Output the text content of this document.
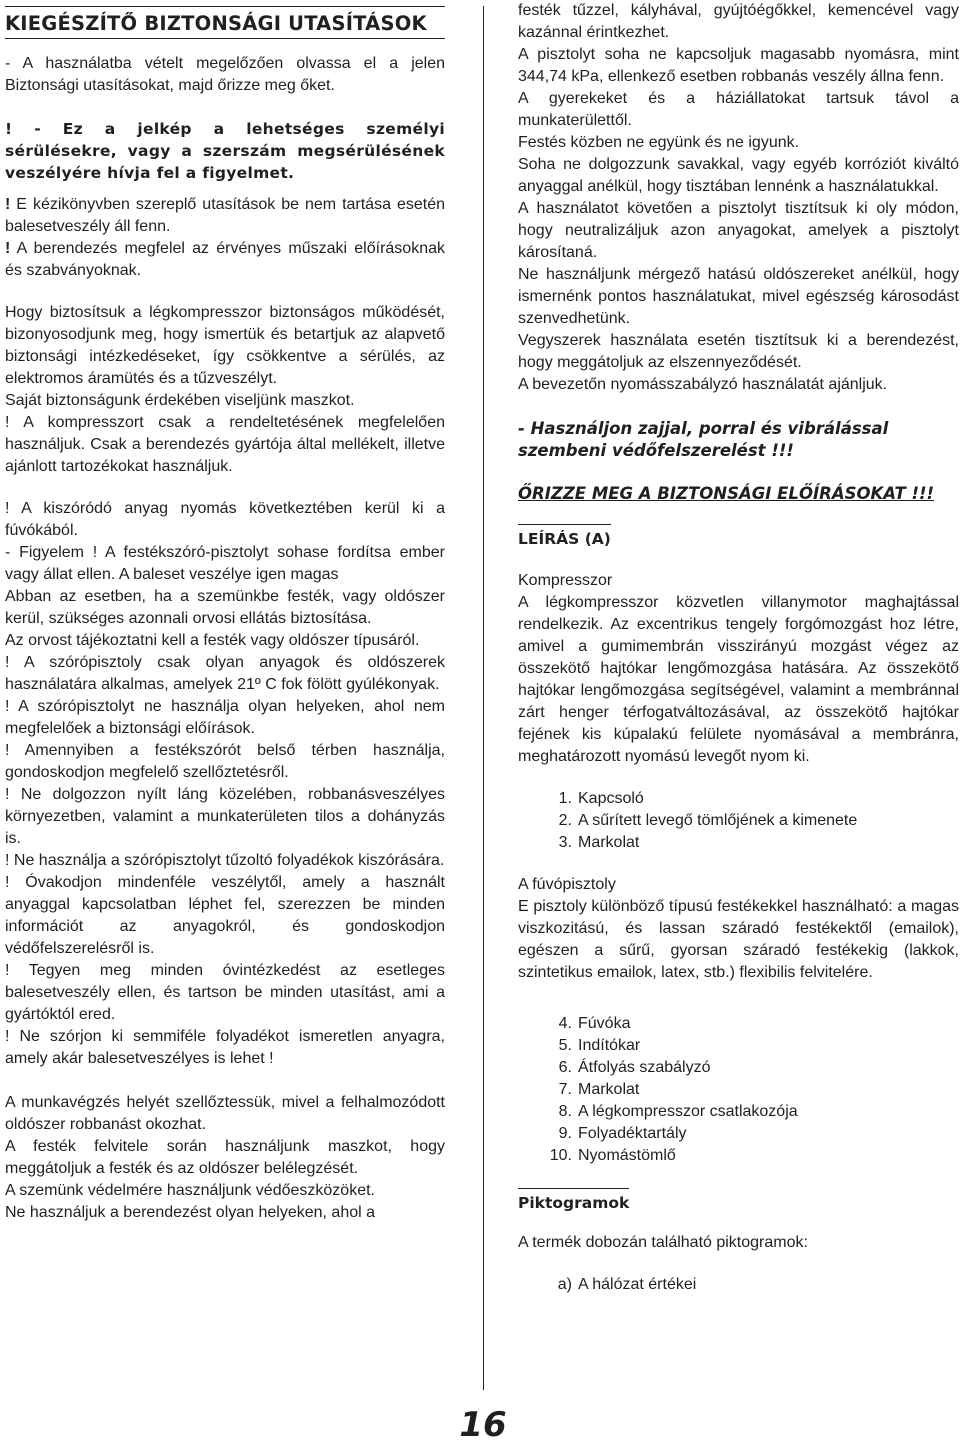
KIEGÉSZÍTŐ BIZTONSÁGI UTASÍTÁSOK

- A használatba vételt megelőzően olvassa el a jelen Biztonsági utasításokat, majd őrizze meg őket.

! - Ez a jelkép a lehetséges személyi sérülésekre, vagy a szerszám megsérülésének veszélyére hívja fel a figyelmet.

! E kézikönyvben szereplő utasítások be nem tartása esetén balesetveszély áll fenn.

! A berendezés megfelel az érvényes műszaki előírásoknak és szabványoknak.

Hogy biztosítsuk a légkompresszor biztonságos működését, bizonyosodjunk meg, hogy ismertük és betartjuk az alapvető biztonsági intézkedéseket, így csökkentve a sérülés, az elektromos áramütés és a tűzveszélyt.

Saját biztonságunk érdekében viseljünk maszkot.

! A kompresszort csak a rendeltetésének megfelelően használjuk. Csak a berendezés gyártója által mellékelt, illetve ajánlott tartozékokat használjuk.

! A kiszóródó anyag nyomás következtében kerül ki a fúvókából.

- Figyelem ! A festékszóró-pisztolyt sohase fordítsa ember vagy állat ellen. A baleset veszélye igen magas

Abban az esetben, ha a szemünkbe festék, vagy oldószer kerül, szükséges azonnali orvosi ellátás biztosítása.

Az orvost tájékoztatni kell a festék vagy oldószer típusáról.

! A szórópisztoly csak olyan anyagok és oldószerek használatára alkalmas, amelyek 21º C fok fölött gyúlékonyak.

! A szórópisztolyt ne használja olyan helyeken, ahol nem megfelelőek a biztonsági előírások.

! Amennyiben a festékszórót belső térben használja, gondoskodjon megfelelő szellőztetésről.

! Ne dolgozzon nyílt láng közelében, robbanásveszélyes környezetben, valamint a munkaterületen tilos a dohányzás is.

! Ne használja a szórópisztolyt tűzoltó folyadékok kiszórására.

! Óvakodjon mindenféle veszélytől, amely a használt anyaggal kapcsolatban léphet fel, szerezzen be minden információt az anyagokról, és gondoskodjon védőfelszerelésről is.

! Tegyen meg minden óvintézkedést az esetleges balesetveszély ellen, és tartson be minden utasítást, ami a gyártóktól ered.

! Ne szórjon ki semmiféle folyadékot ismeretlen anyagra, amely akár balesetveszélyes is lehet !

A munkavégzés helyét szellőztessük, mivel a felhalmozódott oldószer robbanást okozhat.

A festék felvitele során használjunk maszkot, hogy meggátoljuk a festék és az oldószer belélegzését.

A szemünk védelmére használjunk védőeszközöket.

Ne használjuk a berendezést olyan helyeken, ahol a

festék tűzzel, kályhával, gyújtóégőkkel, kemencével vagy kazánnal érintkezhet.

A pisztolyt soha ne kapcsoljuk magasabb nyomásra, mint 344,74 kPa, ellenkező esetben robbanás veszély állna fenn.

A gyerekeket és a háziállatokat tartsuk távol a munkaterülettől.

Festés közben ne együnk és ne igyunk.

Soha ne dolgozzunk savakkal, vagy egyéb korróziót kiváltó anyaggal anélkül, hogy tisztában lennénk a használatukkal.

A használatot követően a pisztolyt tisztítsuk ki oly módon, hogy neutralizáljuk azon anyagokat, amelyek a pisztolyt károsítaná.

Ne használjunk mérgező hatású oldószereket anélkül, hogy ismernénk pontos használatukat, mivel egészség károsodást szenvedhetünk.

Vegyszerek használata esetén tisztítsuk ki a berendezést, hogy meggátoljuk az elszennyeződését.

A bevezetőn nyomásszabályzó használatát ajánljuk.

- Használjon zajjal, porral és vibrálással szembeni védőfelszerelést !!!

ŐRIZZE MEG A BIZTONSÁGI ELŐÍRÁSOKAT !!!

LEÍRÁS (A)

Kompresszor

A légkompresszor közvetlen villanymotor maghajtással rendelkezik. Az excentrikus tengely forgómozgást hoz létre, amivel a gumimembrán visszirányú mozgást végez az összekötő hajtókar lengőmozgása hatására. Az összekötő hajtókar lengőmozgása segítségével, valamint a membránnal zárt henger térfogatváltozásával, az összekötő hajtókar fejének kis kúpalakú felülete nyomásával a membránra, meghatározott nyomású levegőt nyom ki.

1. Kapcsoló
2. A sűrített levegő tömlőjének a kimenete
3. Markolat

A fúvópisztoly

E pisztoly különböző típusú festékekkel használható: a magas viszkozitású, és lassan száradó festékektől (emailok), egészen a sűrű, gyorsan száradó festékekig (lakkok, szintetikus emailok, latex, stb.) flexibilis felvitelére.

4. Fúvóka
5. Indítókar
6. Átfolyás szabályzó
7. Markolat
8. A légkompresszor csatlakozója
9. Folyadéktartály
10. Nyomástömlő

Piktogramok

A termék dobozán található piktogramok:

a) A hálózat értékei
16
